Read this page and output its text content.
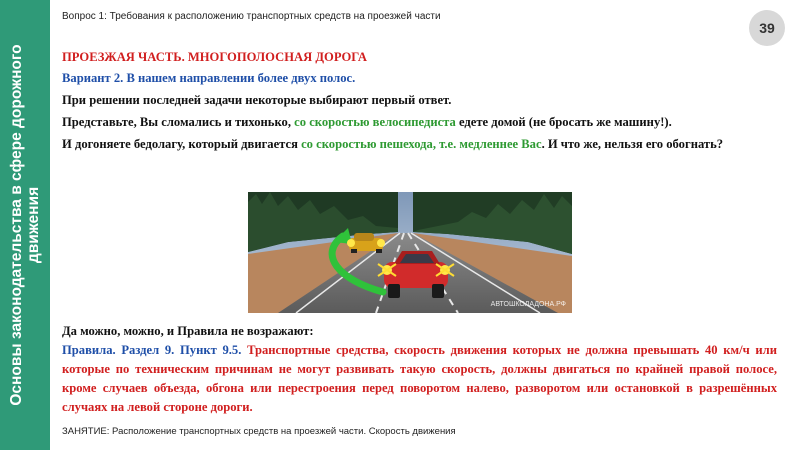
Основы законодательства в сфере дорожного движения
Вопрос 1: Требования к расположению транспортных средств на проезжей части
39

ПРОЕЗЖАЯ ЧАСТЬ. МНОГОПОЛОСНАЯ ДОРОГА

Вариант 2. В нашем направлении более двух полос.

При решении последней задачи некоторые выбирают первый ответ.

Представьте, Вы сломались и тихонько, со скоростью велосипедиста едете домой (не бросать же машину!).

И догоняете бедолагу, который двигается со скоростью пешехода, т.е. медленнее Вас. И что же, нельзя его обогнать?

АВТОШКОЛАДОНА.РФ

Да можно, можно, и Правила не возражают:

Правила. Раздел 9. Пункт 9.5. Транспортные средства, скорость движения которых не должна превышать 40 км/ч или которые по техническим причинам не могут развивать такую скорость, должны двигаться по крайней правой полосе, кроме случаев объезда, обгона или перестроения перед поворотом налево, разворотом или остановкой в разрешённых случаях на левой стороне дороги.

ЗАНЯТИЕ: Расположение транспортных средств на проезжей части. Скорость движения
